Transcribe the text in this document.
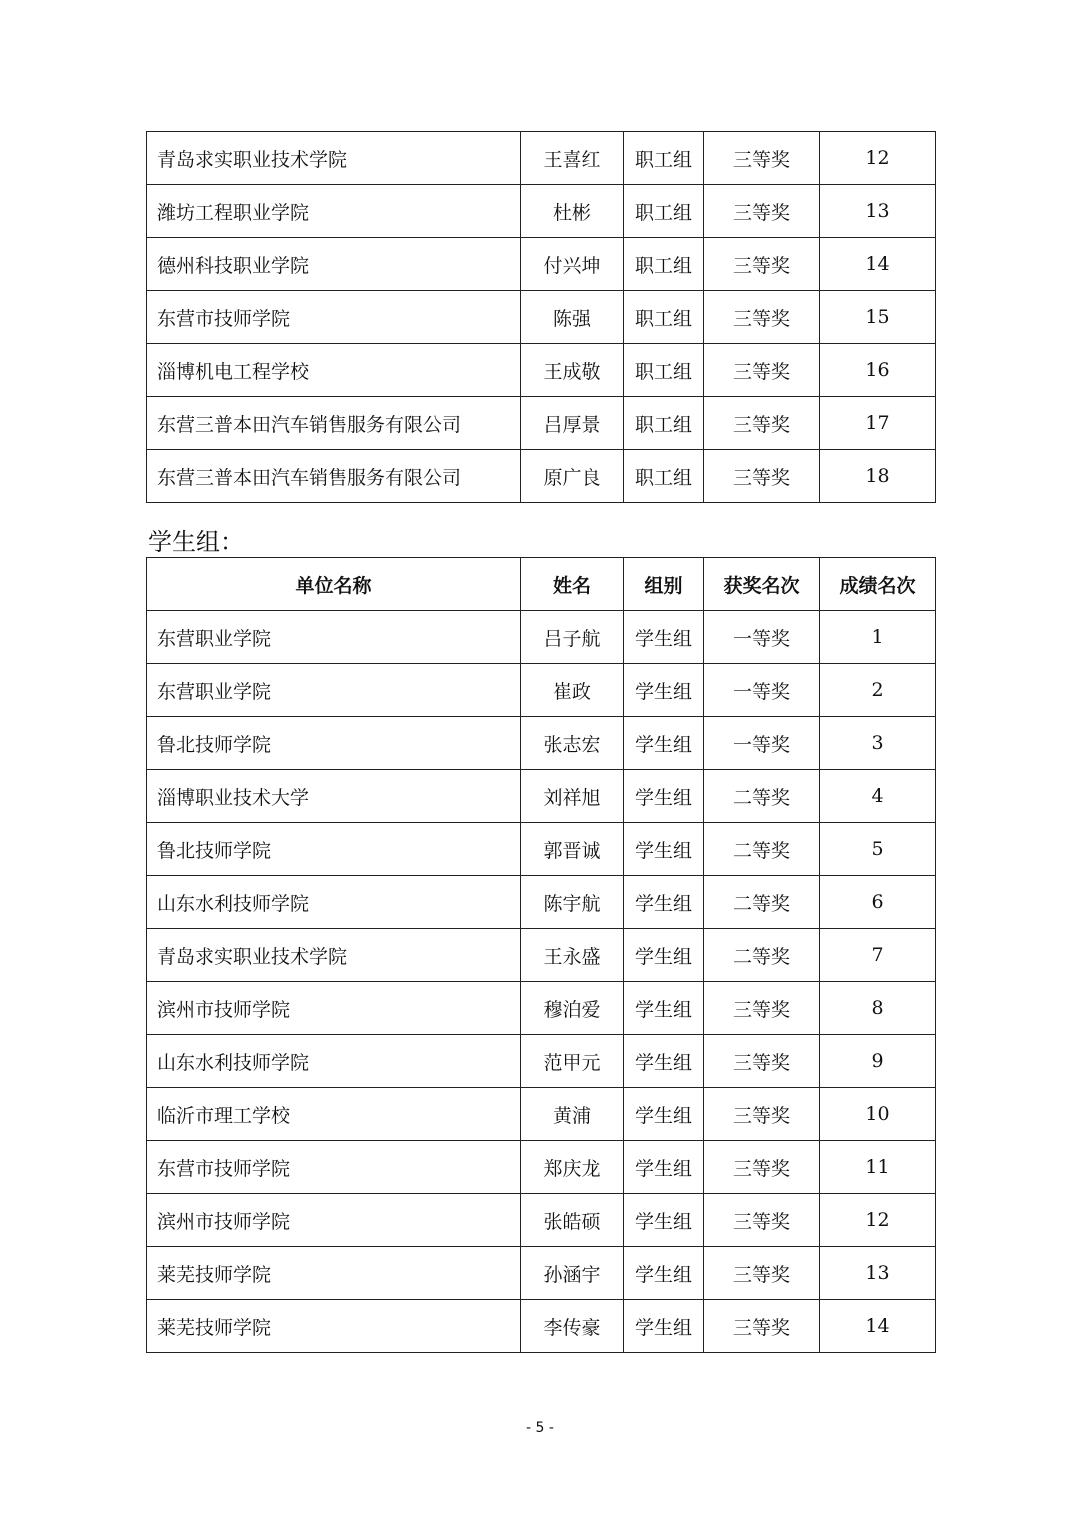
青岛求实职业技术学院	王喜红	职工组	三等奖	12
潍坊工程职业学院	杜彬	职工组	三等奖	13
德州科技职业学院	付兴坤	职工组	三等奖	14
东营市技师学院	陈强	职工组	三等奖	15
淄博机电工程学校	王成敬	职工组	三等奖	16
东营三普本田汽车销售服务有限公司	吕厚景	职工组	三等奖	17
东营三普本田汽车销售服务有限公司	原广良	职工组	三等奖	18
学生组：
单位名称	姓名	组别	获奖名次	成绩名次
东营职业学院	吕子航	学生组	一等奖	1
东营职业学院	崔政	学生组	一等奖	2
鲁北技师学院	张志宏	学生组	一等奖	3
淄博职业技术大学	刘祥旭	学生组	二等奖	4
鲁北技师学院	郭晋诚	学生组	二等奖	5
山东水利技师学院	陈宇航	学生组	二等奖	6
青岛求实职业技术学院	王永盛	学生组	二等奖	7
滨州市技师学院	穆泊爱	学生组	三等奖	8
山东水利技师学院	范甲元	学生组	三等奖	9
临沂市理工学校	黄浦	学生组	三等奖	10
东营市技师学院	郑庆龙	学生组	三等奖	11
滨州市技师学院	张皓硕	学生组	三等奖	12
莱芜技师学院	孙涵宇	学生组	三等奖	13
莱芜技师学院	李传豪	学生组	三等奖	14
- 5 -
